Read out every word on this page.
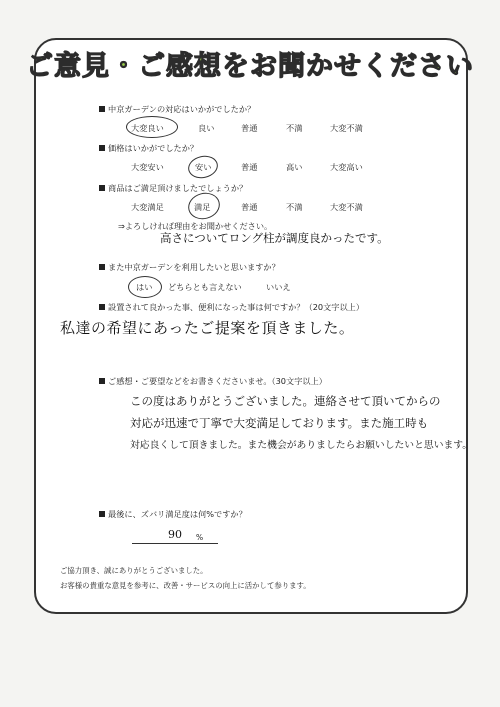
ご意見・ご感想をお聞かせください
中京ガーデンの対応はいかがでしたか？
大変良い	良い	普通	不満	大変不満
価格はいかがでしたか？
大変安い	安い	普通	高い	大変高い
商品はご満足頂けましたでしょうか？
大変満足	満足	普通	不満	大変不満
⇒よろしければ理由をお聞かせください。
高さについてロング柱が調度良かったです。
また中京ガーデンを利用したいと思いますか？
はい どちらとも言えない	いいえ
設置されて良かった事、便利になった事は何ですか？（20文字以上）
私達の希望にあったご提案を頂きました。
ご感想・ご要望などをお書きくださいませ。（30文字以上）
この度はありがとうございました。連絡させて頂いてからの
対応が迅速で丁寧で大変満足しております。また施工時も
対応良くして頂きました。また機会がありましたらお願いしたいと思います。
最後に、ズバリ満足度は何%ですか？
90 %
ご協力頂き、誠にありがとうございました。
お客様の貴重な意見を参考に、改善・サービスの向上に活かして参ります。
